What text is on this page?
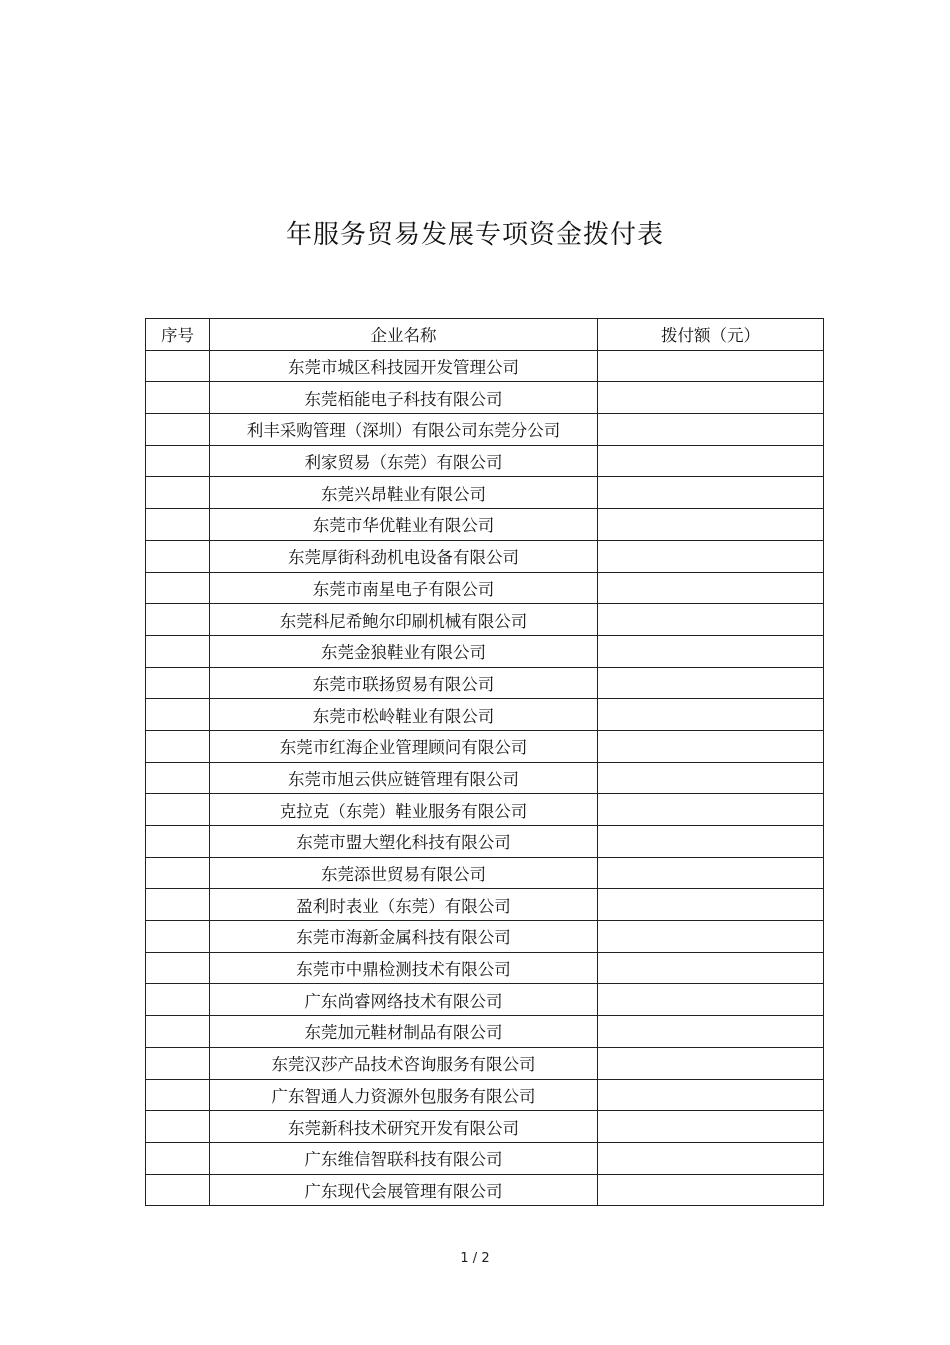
年服务贸易发展专项资金拨付表
序号	企业名称	拨付额（元）
	东莞市城区科技园开发管理公司	
	东莞栢能电子科技有限公司	
	利丰采购管理（深圳）有限公司东莞分公司	
	利家贸易（东莞）有限公司	
	东莞兴昂鞋业有限公司	
	东莞市华优鞋业有限公司	
	东莞厚街科劲机电设备有限公司	
	东莞市南星电子有限公司	
	东莞科尼希鲍尔印刷机械有限公司	
	东莞金狼鞋业有限公司	
	东莞市联扬贸易有限公司	
	东莞市松岭鞋业有限公司	
	东莞市红海企业管理顾问有限公司	
	东莞市旭云供应链管理有限公司	
	克拉克（东莞）鞋业服务有限公司	
	东莞市盟大塑化科技有限公司	
	东莞添世贸易有限公司	
	盈利时表业（东莞）有限公司	
	东莞市海新金属科技有限公司	
	东莞市中鼎检测技术有限公司	
	广东尚睿网络技术有限公司	
	东莞加元鞋材制品有限公司	
	东莞汉莎产品技术咨询服务有限公司	
	广东智通人力资源外包服务有限公司	
	东莞新科技术研究开发有限公司	
	广东维信智联科技有限公司	
	广东现代会展管理有限公司	
1 / 2
